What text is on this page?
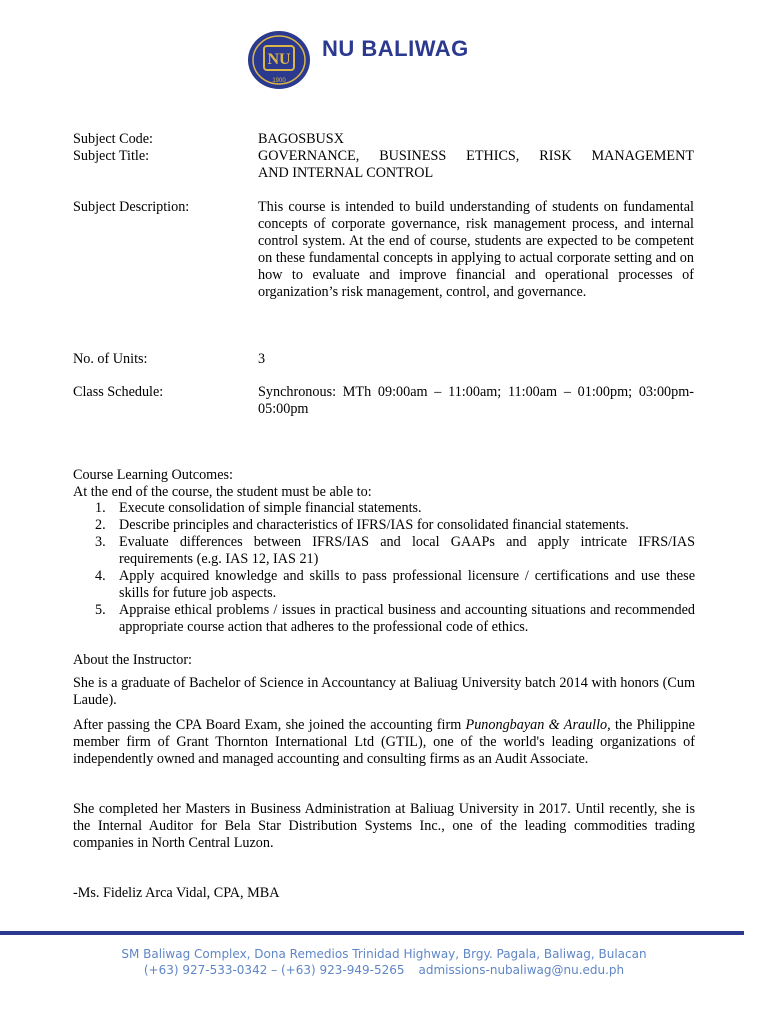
NU
1900
NU BALIWAG
Subject Code:	BAGOSBUSX
Subject Title:	GOVERNANCE, BUSINESS ETHICS, RISK MANAGEMENT
AND INTERNAL CONTROL
Subject Description:	This course is intended to build understanding of students on fundamental concepts of corporate governance, risk management process, and internal control system. At the end of course, students are expected to be competent on these fundamental concepts in applying to actual corporate setting and on how to evaluate and improve financial and operational processes of organization’s risk management, control, and governance.
No. of Units:	3
Class Schedule:	Synchronous: MTh 09:00am – 11:00am; 11:00am – 01:00pm; 03:00pm-05:00pm
Course Learning Outcomes:
At the end of the course, the student must be able to:
1. Execute consolidation of simple financial statements.
2. Describe principles and characteristics of IFRS/IAS for consolidated financial statements.
3. Evaluate differences between IFRS/IAS and local GAAPs and apply intricate IFRS/IAS requirements (e.g. IAS 12, IAS 21)
4. Apply acquired knowledge and skills to pass professional licensure / certifications and use these skills for future job aspects.
5. Appraise ethical problems / issues in practical business and accounting situations and recommended appropriate course action that adheres to the professional code of ethics.
About the Instructor:
She is a graduate of Bachelor of Science in Accountancy at Baliuag University batch 2014 with honors (Cum Laude).
After passing the CPA Board Exam, she joined the accounting firm Punongbayan & Araullo, the Philippine member firm of Grant Thornton International Ltd (GTIL), one of the world's leading organizations of independently owned and managed accounting and consulting firms as an Audit Associate.
She completed her Masters in Business Administration at Baliuag University in 2017. Until recently, she is the Internal Auditor for Bela Star Distribution Systems Inc., one of the leading commodities trading companies in North Central Luzon.
-Ms. Fideliz Arca Vidal, CPA, MBA
SM Baliwag Complex, Dona Remedios Trinidad Highway, Brgy. Pagala, Baliwag, Bulacan
(+63) 927-533-0342 – (+63) 923-949-5265 admissions-nubaliwag@nu.edu.ph
